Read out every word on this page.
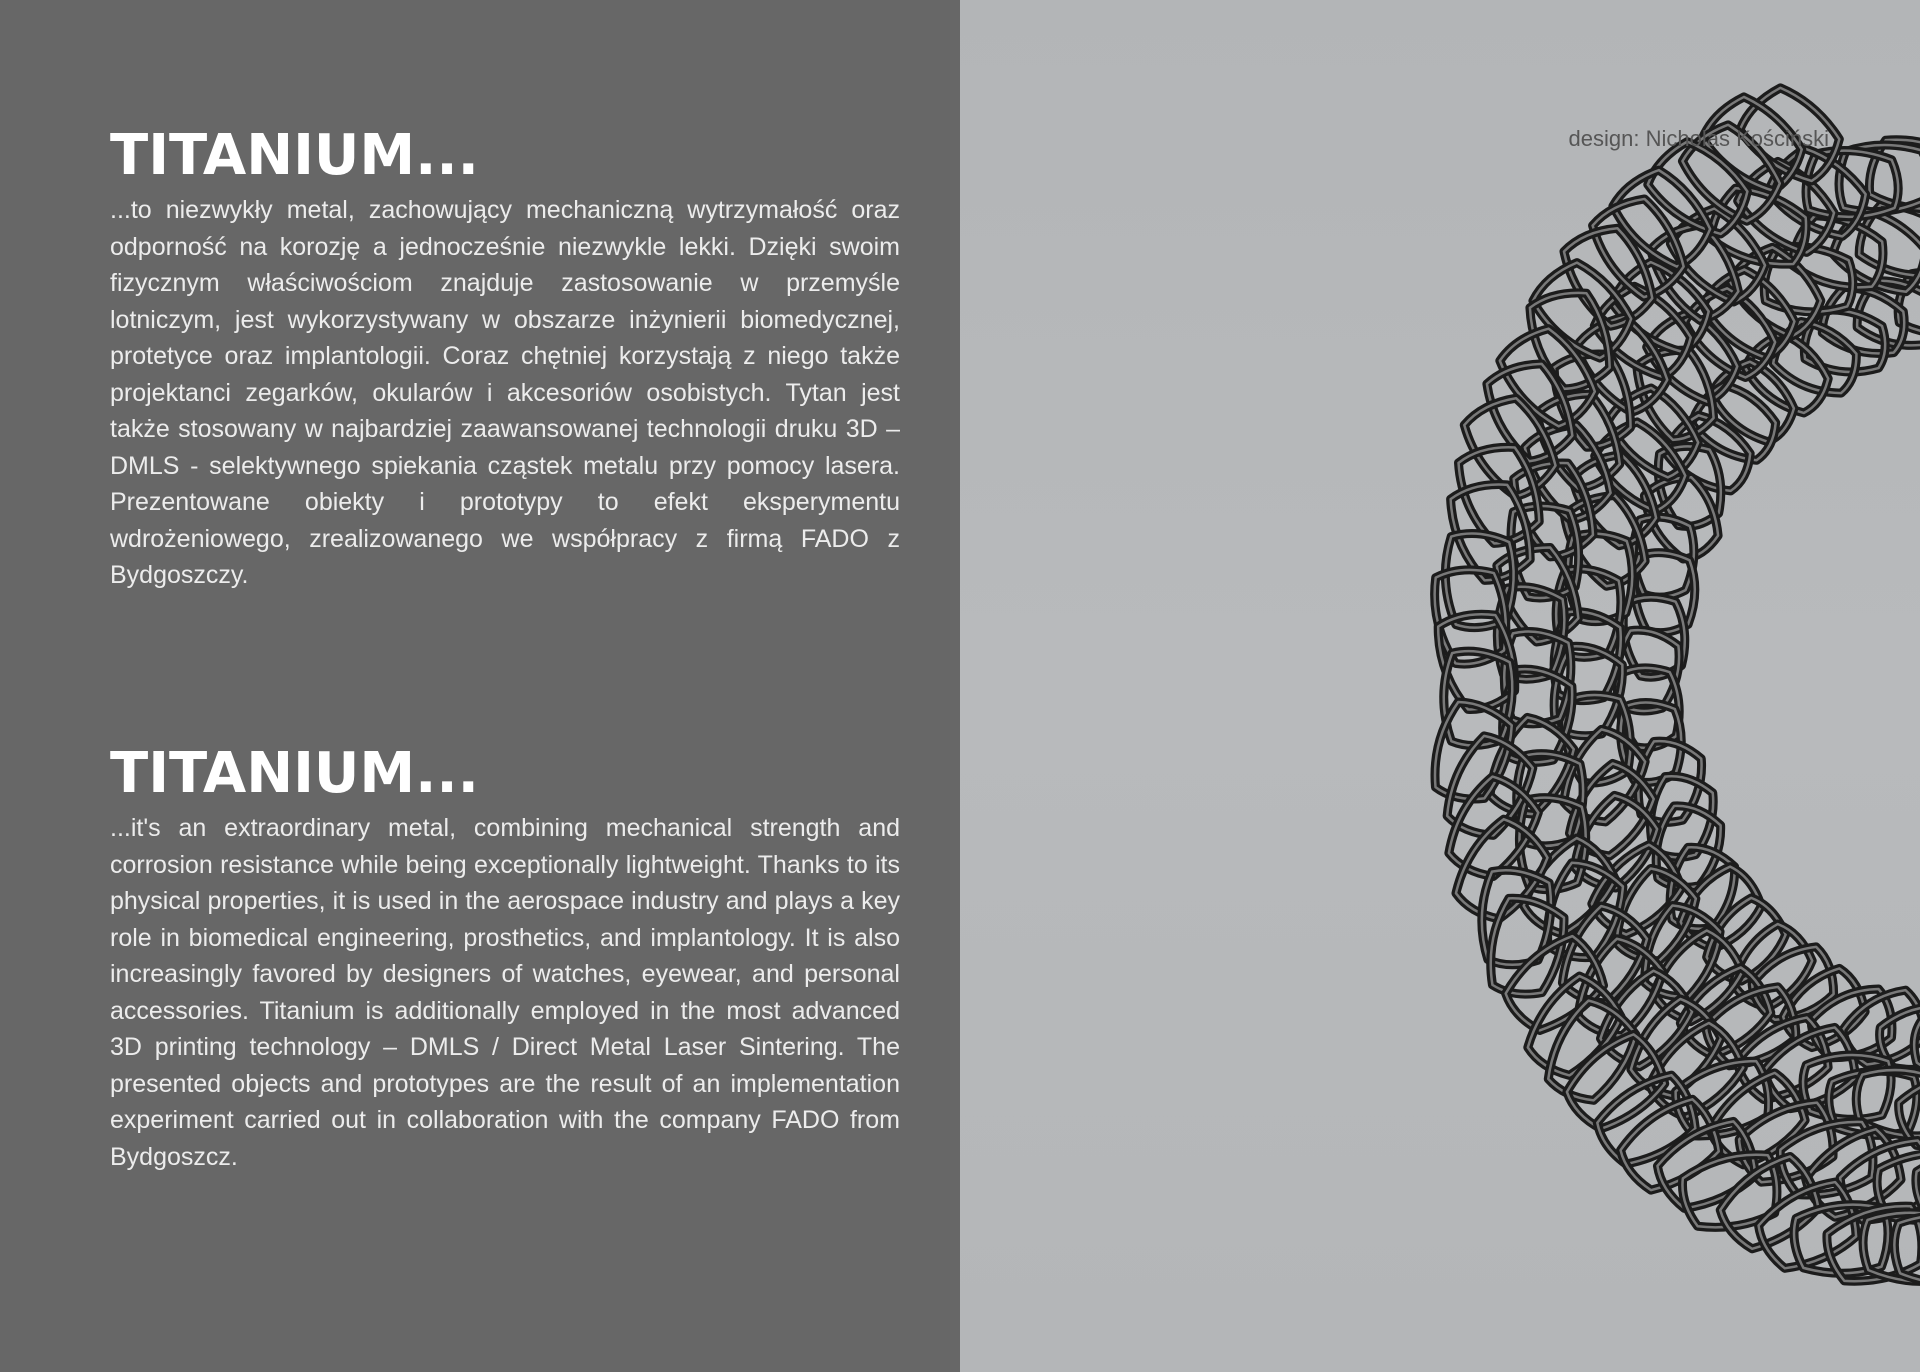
TITANIUM...

...to niezwykły metal, zachowujący mechaniczną wytrzymałość oraz odporność na korozję a jednocześnie niezwykle lekki. Dzięki swoim fizycznym właściwościom znajduje zastosowanie w przemyśle lotniczym, jest wykorzystywany w obszarze inżynierii biomedycznej, protetyce oraz implantologii. Coraz chętniej korzystają z niego także projektanci zegarków, okularów i akcesoriów osobistych. Tytan jest także stosowany w najbardziej zaawansowanej technologii druku 3D – DMLS - selektywnego spiekania cząstek metalu przy pomocy lasera. Prezentowane obiekty i prototypy to efekt eksperymentu wdrożeniowego, zrealizowanego we współpracy z firmą FADO z Bydgoszczy.

TITANIUM...

...it's an extraordinary metal, combining mechanical strength and corrosion resistance while being exceptionally lightweight. Thanks to its physical properties, it is used in the aerospace industry and plays a key role in biomedical engineering, prosthetics, and implantology. It is also increasingly favored by designers of watches, eyewear, and personal accessories. Titanium is additionally employed in the most advanced 3D printing technology – DMLS / Direct Metal Laser Sintering. The presented objects and prototypes are the result of an implementation experiment carried out in collaboration with the company FADO from Bydgoszcz.

design: Nicholas Kościński
